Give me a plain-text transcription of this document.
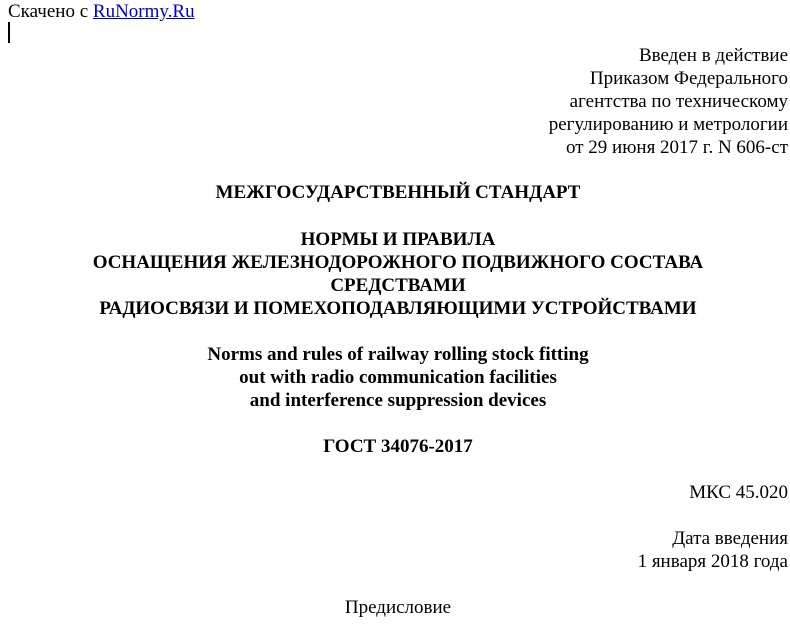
Скачено с RuNormy.Ru
Введен в действие
Приказом Федерального
агентства по техническому
регулированию и метрологии
от 29 июня 2017 г. N 606-ст
МЕЖГОСУДАРСТВЕННЫЙ СТАНДАРТ
НОРМЫ И ПРАВИЛА
ОСНАЩЕНИЯ ЖЕЛЕЗНОДОРОЖНОГО ПОДВИЖНОГО СОСТАВА
СРЕДСТВАМИ
РАДИОСВЯЗИ И ПОМЕХОПОДАВЛЯЮЩИМИ УСТРОЙСТВАМИ
Norms and rules of railway rolling stock fitting
out with radio communication facilities
and interference suppression devices
ГОСТ 34076-2017
МКС 45.020
Дата введения
1 января 2018 года
Предисловие
